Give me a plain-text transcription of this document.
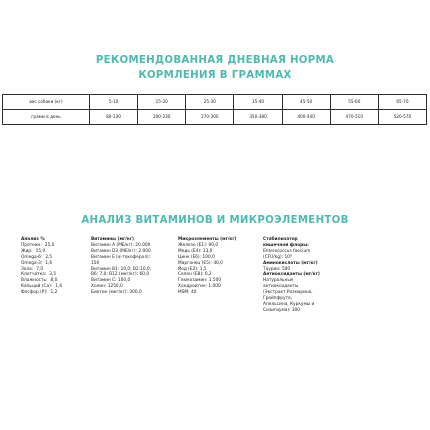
РЕКОМЕНДОВАННАЯ ДНЕВНАЯ НОРМА
КОРМЛЕНИЯ В ГРАММАХ
вес собаки (кг)	5-10	15-20	25-30	35-40	45-50	55-60	65-70
грамм в день	80-130	200-230	270-300	350-380	400-440	470-510	520-570
АНАЛИЗ ВИТАМИНОВ И МИКРОЭЛЕМЕНТОВ
Анализ %
Протеин: 25,0
Жир: 15,0
Omega-6: 2,5
Omega-3: 1,6
Зола: 7,0
Клетчатка: 3,5
Влажность: 8,0
Кальций (Ca): 1,6
Фосфор (P): 1,2
Витамины (мг/кг)
Витамин A (МЕ/кг): 20.000
Витамин D3 (МЕ/кг): 2.000
Витамин E (α-токоферол):
150
Витамин B1: 10,0; B2:10,0;
B6: 7,0; B12 (мкг/кг): 60,0
Витамин C: 100,0
Холин: 1250,0
Биотин (мкг/кг): 300,0
Микроэлементы (мг/кг)
Железо (E1): 90,0
Медь (E4): 13,0
Цинк (E6): 100,0
Марганец (E5): 40,0
Йод (E2): 1,5
Селен (E8): 0,2
Глюкозамин: 1.500
Хондроитин: 1.000
MSM: 40
Стабилизатор
кишечной флоры:
Enterococcus faecium
(CFU/kg): 10⁸
Аминокислоты (мг/кг)
Таурин: 500
Антиоксиданты (мг/кг)
Натуральные
антиоксиданты
(Экстракт Розмарина,
Грейпфрута,
Апельсина, Куркумы и
Сизигиума): 300
